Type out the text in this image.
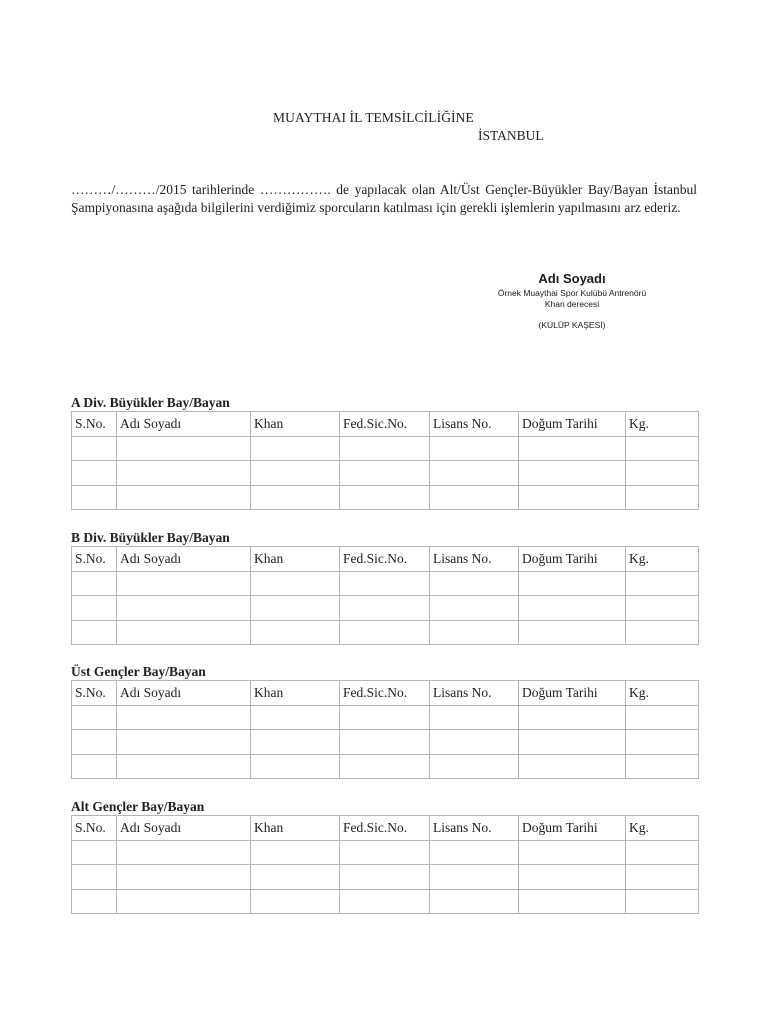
MUAYTHAI İL TEMSİLCİLİĞİNE
İSTANBUL
………/………/2015 tarihlerinde ……………. de yapılacak olan Alt/Üst Gençler-Büyükler Bay/Bayan İstanbul Şampiyonasına aşağıda bilgilerini verdiğimiz sporcuların katılması için gerekli işlemlerin yapılmasını arz ederiz.
Adı Soyadı
Örnek Muaythai Spor Kulübü Antrenörü
Khan derecesi
(KULÜP KAŞESİ)
A Div. Büyükler Bay/Bayan
S.No.	Adı Soyadı	Khan	Fed.Sic.No.	Lisans No.	Doğum Tarihi	Kg.

B Div. Büyükler Bay/Bayan
S.No.	Adı Soyadı	Khan	Fed.Sic.No.	Lisans No.	Doğum Tarihi	Kg.

Üst Gençler Bay/Bayan
S.No.	Adı Soyadı	Khan	Fed.Sic.No.	Lisans No.	Doğum Tarihi	Kg.

Alt Gençler Bay/Bayan
S.No.	Adı Soyadı	Khan	Fed.Sic.No.	Lisans No.	Doğum Tarihi	Kg.
